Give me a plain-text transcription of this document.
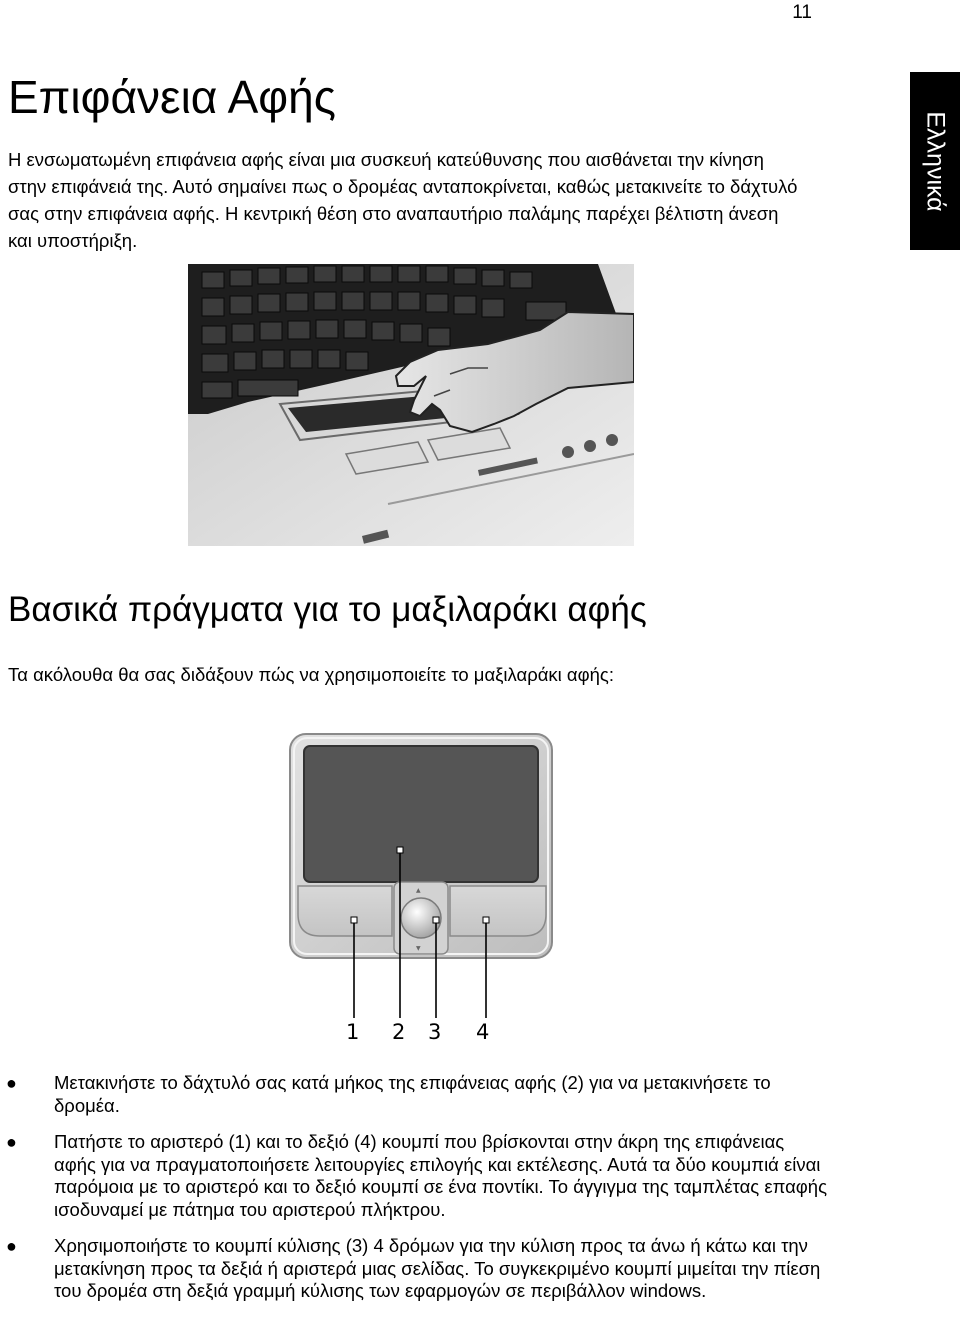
11
Ελληνικά
Επιφάνεια Αφής

Η ενσωματωμένη επιφάνεια αφής είναι μια συσκευή κατεύθυνσης που αισθάνεται την κίνηση στην επιφάνειά της. Αυτό σημαίνει πως ο δρομέας ανταποκρίνεται, καθώς μετακινείτε το δάχτυλό σας στην επιφάνεια αφής. Η κεντρική θέση στο αναπαυτήριο παλάμης παρέχει βέλτιστη άνεση και υποστήριξη.

Βασικά πράγματα για το μαξιλαράκι αφής

Τα ακόλουθα θα σας διδάξουν πώς να χρησιμοποιείτε το μαξιλαράκι αφής:

▲
▼
1 2 3 4
● Μετακινήστε το δάχτυλό σας κατά μήκος της επιφάνειας αφής (2) για να μετακινήσετε το δρομέα.
● Πατήστε το αριστερό (1) και το δεξιό (4) κουμπί που βρίσκονται στην άκρη της επιφάνειας αφής για να πραγματοποιήσετε λειτουργίες επιλογής και εκτέλεσης. Αυτά τα δύο κουμπιά είναι παρόμοια με το αριστερό και το δεξιό κουμπί σε ένα ποντίκι. Το άγγιγμα της ταμπλέτας επαφής ισοδυναμεί με πάτημα του αριστερού πλήκτρου.
● Χρησιμοποιήστε το κουμπί κύλισης (3) 4 δρόμων για την κύλιση προς τα άνω ή κάτω και την μετακίνηση προς τα δεξιά ή αριστερά μιας σελίδας. Το συγκεκριμένο κουμπί μιμείται την πίεση του δρομέα στη δεξιά γραμμή κύλισης των εφαρμογών σε περιβάλλον windows.
